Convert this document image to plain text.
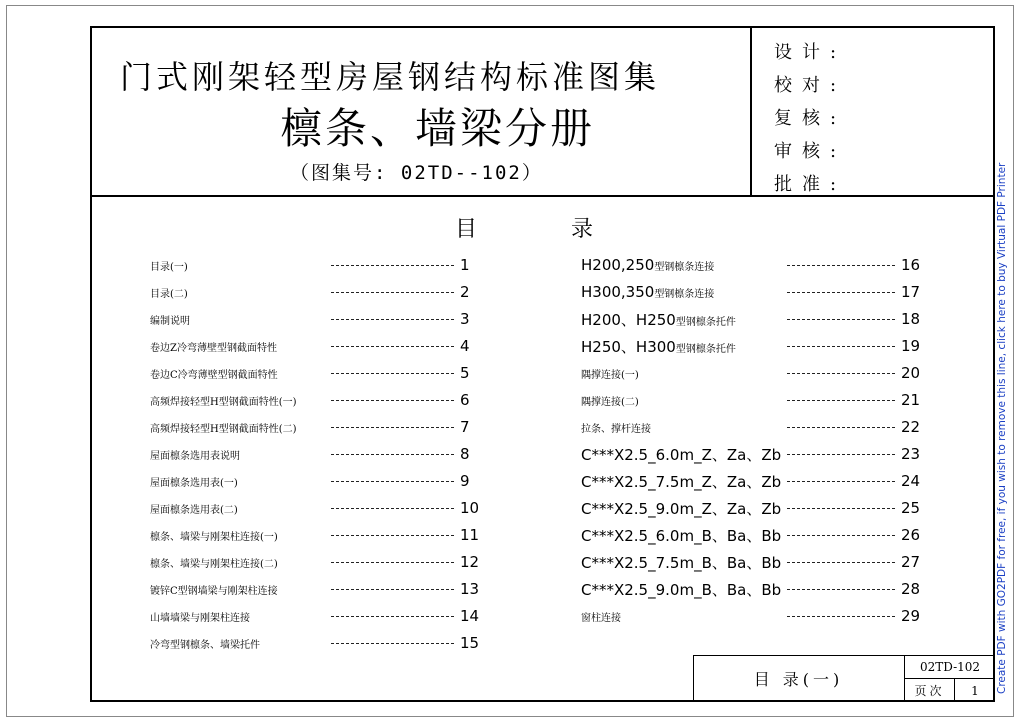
门式刚架轻型房屋钢结构标准图集
檩条、墙梁分册
（图集号: 02TD--102）
设计:
校对:
复核:
审核:
批准:
目	录
目录(一)	1
目录(二)	2
编制说明	3
卷边Z冷弯薄壁型钢截面特性	4
卷边C冷弯薄壁型钢截面特性	5
高频焊接轻型H型钢截面特性(一)	6
高频焊接轻型H型钢截面特性(二)	7
屋面檩条选用表说明	8
屋面檩条选用表(一)	9
屋面檩条选用表(二)	10
檩条、墙梁与刚架柱连接(一)	11
檩条、墙梁与刚架柱连接(二)	12
镀锌C型钢墙梁与刚架柱连接	13
山墙墙梁与刚架柱连接	14
冷弯型钢檩条、墙梁托件	15
H200,250型钢檩条连接	16
H300,350型钢檩条连接	17
H200、H250型钢檩条托件	18
H250、H300型钢檩条托件	19
隅撑连接(一)	20
隅撑连接(二)	21
拉条、撑杆连接	22
C***X2.5_6.0m_Z、Za、Zb	23
C***X2.5_7.5m_Z、Za、Zb	24
C***X2.5_9.0m_Z、Za、Zb	25
C***X2.5_6.0m_B、Ba、Bb	26
C***X2.5_7.5m_B、Ba、Bb	27
C***X2.5_9.0m_B、Ba、Bb	28
窗柱连接	29
目 录(一)
02TD-102
页次	1	Create PDF with GO2PDF for free, if you wish to remove this line, click here to buy Virtual PDF Printer
